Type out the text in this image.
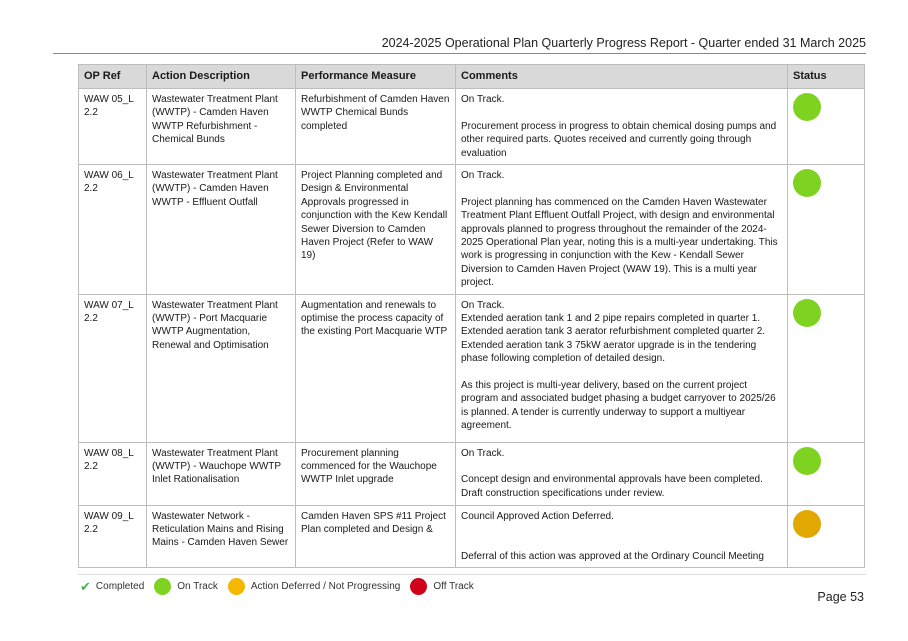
2024-2025 Operational Plan Quarterly Progress Report - Quarter ended 31 March 2025
OP Ref	Action Description	Performance Measure	Comments	Status
WAW 05_L 2.2	Wastewater Treatment Plant (WWTP) - Camden Haven WWTP Refurbishment - Chemical Bunds	Refurbishment of Camden Haven WWTP Chemical Bunds completed	On Track.
Procurement process in progress to obtain chemical dosing pumps and other required parts. Quotes received and currently going through evaluation	

WAW 06_L 2.2	Wastewater Treatment Plant (WWTP) - Camden Haven WWTP - Effluent Outfall	Project Planning completed and Design & Environmental Approvals progressed in conjunction with the Kew Kendall Sewer Diversion to Camden Haven Project (Refer to WAW 19)	On Track.
Project planning has commenced on the Camden Haven Wastewater Treatment Plant Effluent Outfall Project, with design and environmental approvals planned to progress throughout the remainder of the 2024-2025 Operational Plan year, noting this is a multi-year undertaking. This work is progressing in conjunction with the Kew - Kendall Sewer Diversion to Camden Haven Project (WAW 19). This is a multi year project.	

WAW 07_L 2.2	Wastewater Treatment Plant (WWTP) - Port Macquarie WWTP Augmentation, Renewal and Optimisation	Augmentation and renewals to optimise the process capacity of the existing Port Macquarie WTP	On Track.
Extended aeration tank 1 and 2 pipe repairs completed in quarter 1. Extended aeration tank 3 aerator refurbishment completed quarter 2. Extended aeration tank 3 75kW aerator upgrade is in the tendering phase following completion of detailed design.
As this project is multi-year delivery, based on the current project program and associated budget phasing a budget carryover to 2025/26 is planned. A tender is currently underway to support a multiyear agreement.	

WAW 08_L 2.2	Wastewater Treatment Plant (WWTP) - Wauchope WWTP Inlet Rationalisation	Procurement planning commenced for the Wauchope WWTP Inlet upgrade	On Track.
Concept design and environmental approvals have been completed. Draft construction specifications under review.	

WAW 09_L 2.2	Wastewater Network - Reticulation Mains and Rising Mains - Camden Haven Sewer	Camden Haven SPS #11 Project Plan completed and Design &	Council Approved Action Deferred.
Deferral of this action was approved at the Ordinary Council Meeting	

✔ Completed	On Track	Action Deferred / Not Progressing	Off Track
Page 53
